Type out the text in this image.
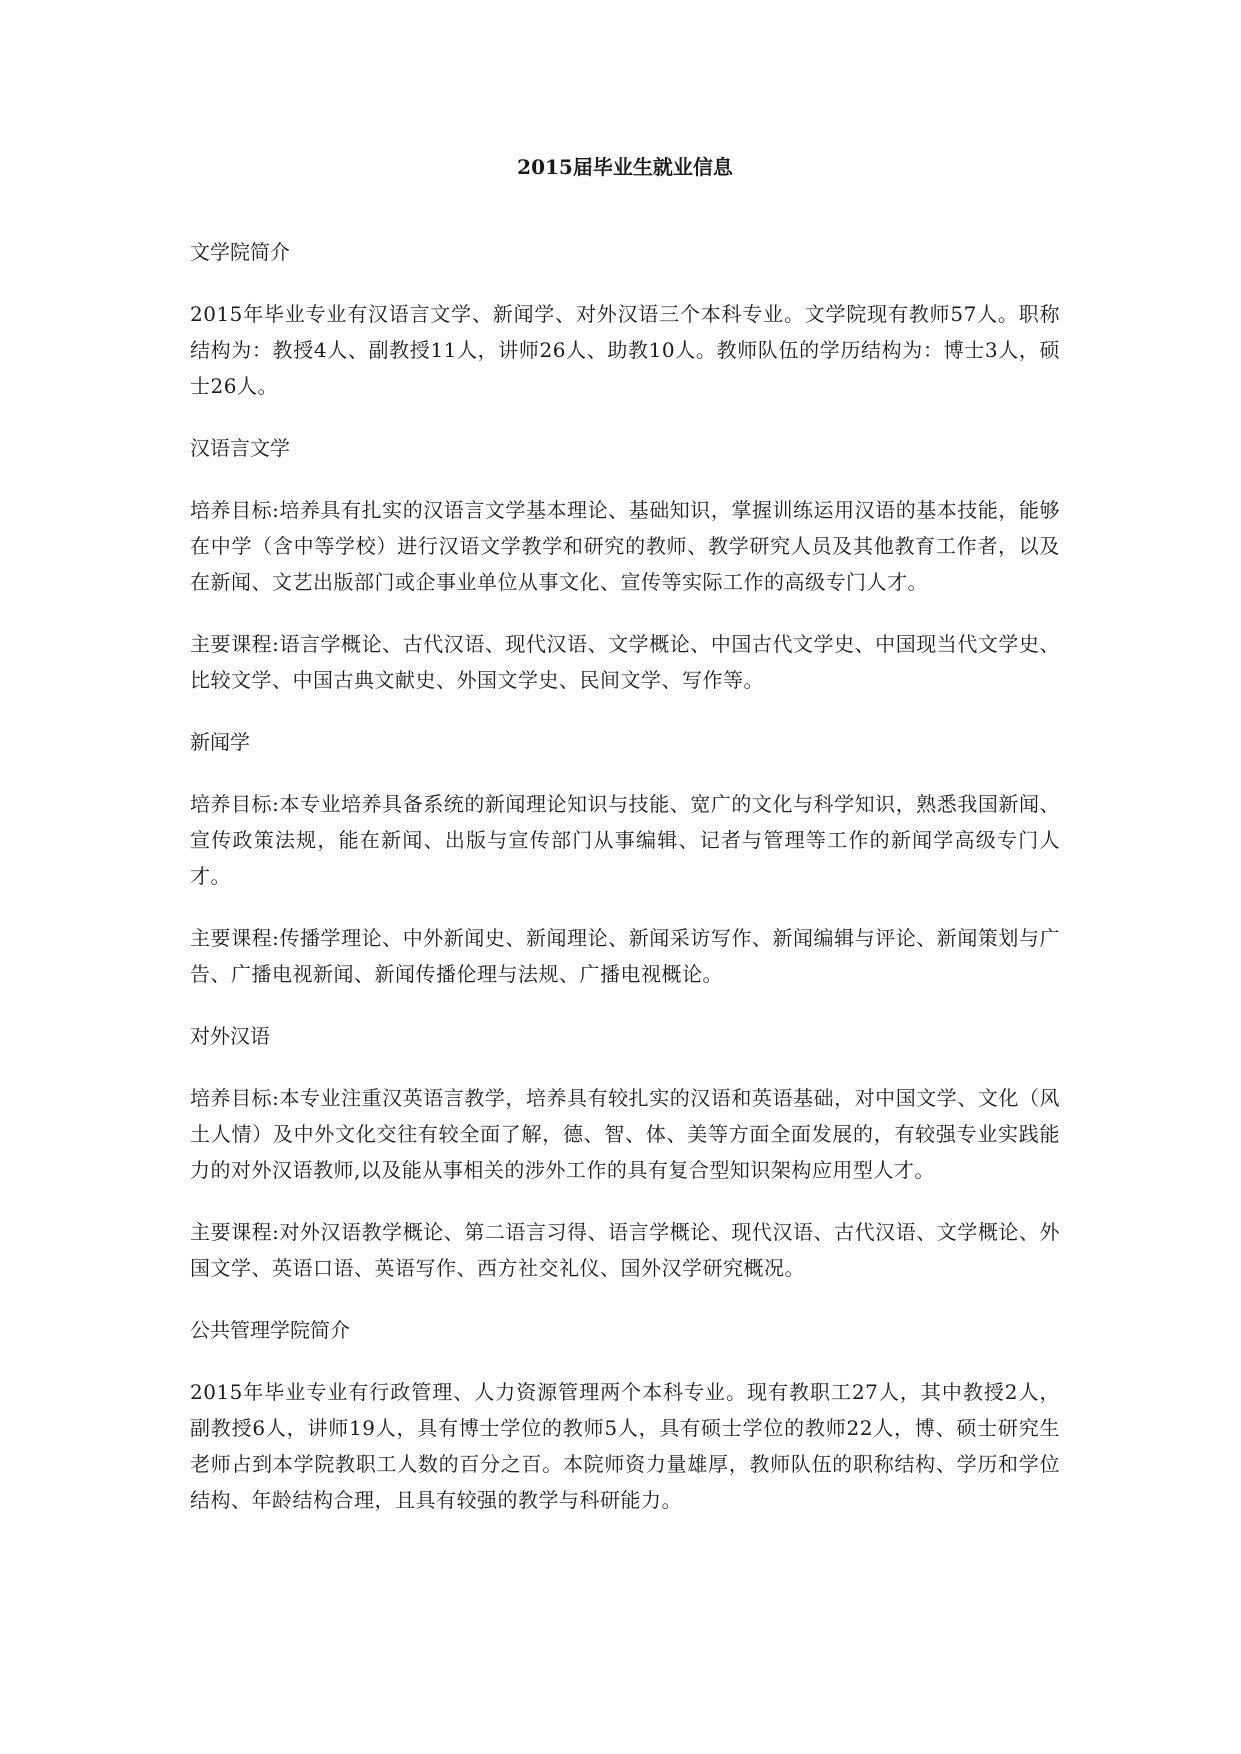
2015届毕业生就业信息
文学院简介
2015年毕业专业有汉语言文学、新闻学、对外汉语三个本科专业。文学院现有教师57人。职称结构为：教授4人、副教授11人，讲师26人、助教10人。教师队伍的学历结构为：博士3人，硕士26人。
汉语言文学
培养目标:培养具有扎实的汉语言文学基本理论、基础知识，掌握训练运用汉语的基本技能，能够在中学（含中等学校）进行汉语文学教学和研究的教师、教学研究人员及其他教育工作者，以及在新闻、文艺出版部门或企事业单位从事文化、宣传等实际工作的高级专门人才。
主要课程:语言学概论、古代汉语、现代汉语、文学概论、中国古代文学史、中国现当代文学史、比较文学、中国古典文献史、外国文学史、民间文学、写作等。
新闻学
培养目标:本专业培养具备系统的新闻理论知识与技能、宽广的文化与科学知识，熟悉我国新闻、宣传政策法规，能在新闻、出版与宣传部门从事编辑、记者与管理等工作的新闻学高级专门人才。
主要课程:传播学理论、中外新闻史、新闻理论、新闻采访写作、新闻编辑与评论、新闻策划与广告、广播电视新闻、新闻传播伦理与法规、广播电视概论。
对外汉语
培养目标:本专业注重汉英语言教学，培养具有较扎实的汉语和英语基础，对中国文学、文化（风土人情）及中外文化交往有较全面了解，德、智、体、美等方面全面发展的，有较强专业实践能力的对外汉语教师,以及能从事相关的涉外工作的具有复合型知识架构应用型人才。
主要课程:对外汉语教学概论、第二语言习得、语言学概论、现代汉语、古代汉语、文学概论、外国文学、英语口语、英语写作、西方社交礼仪、国外汉学研究概况。
公共管理学院简介
2015年毕业专业有行政管理、人力资源管理两个本科专业。现有教职工27人，其中教授2人，副教授6人，讲师19人，具有博士学位的教师5人，具有硕士学位的教师22人，博、硕士研究生老师占到本学院教职工人数的百分之百。本院师资力量雄厚，教师队伍的职称结构、学历和学位结构、年龄结构合理，且具有较强的教学与科研能力。
